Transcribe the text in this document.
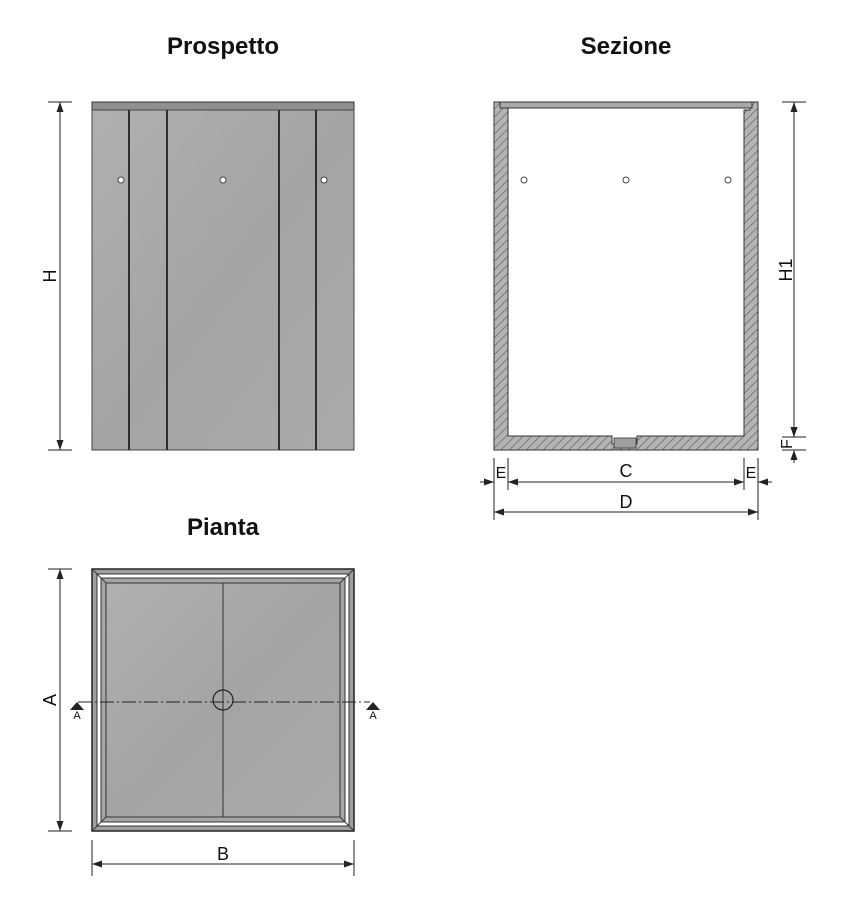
Prospetto	Sezione
Pianta
H	H1
F
E	C	E
D
A	A
A
B
